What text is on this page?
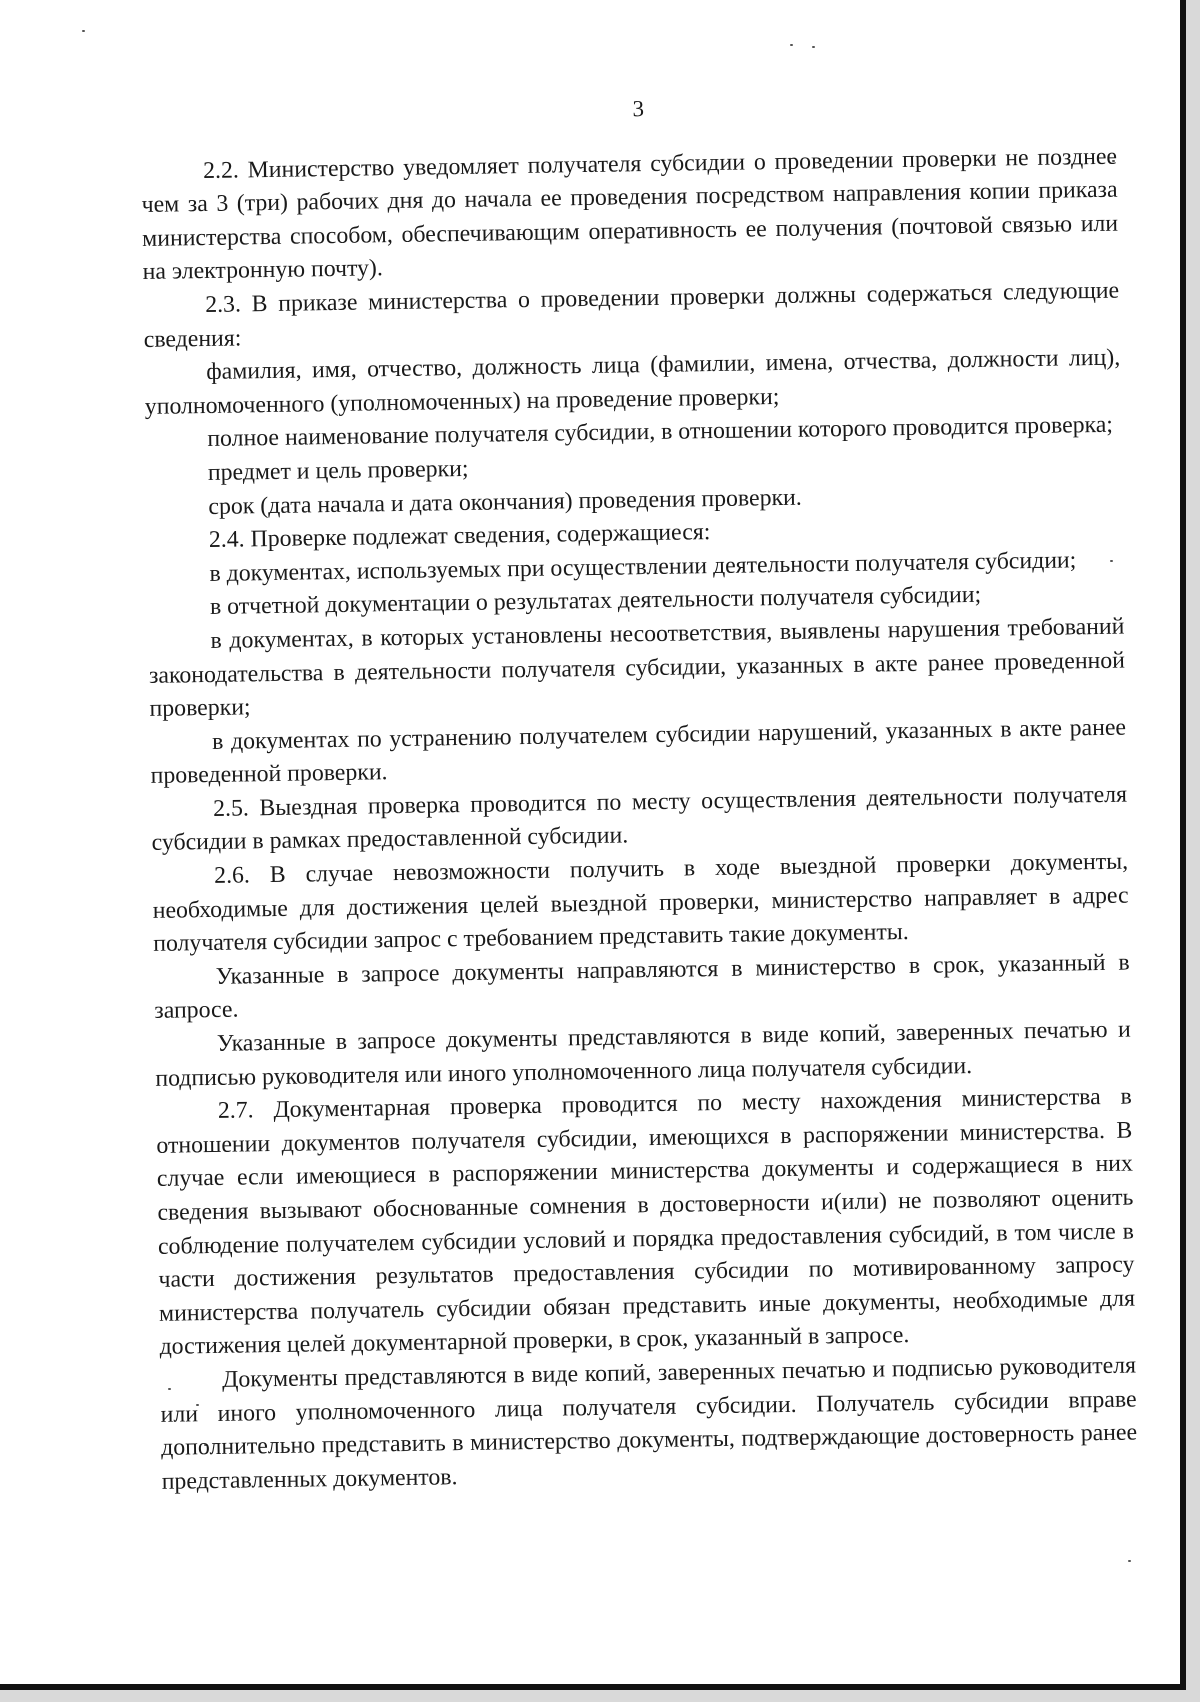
3

2.2. Министерство уведомляет получателя субсидии о проведении проверки не позднее чем за 3 (три) рабочих дня до начала ее проведения посредством направления копии приказа министерства способом, обеспечивающим оперативность ее получения (почтовой связью или на электронную почту).

2.3. В приказе министерства о проведении проверки должны содержаться следующие сведения:

фамилия, имя, отчество, должность лица (фамилии, имена, отчества, должности лиц), уполномоченного (уполномоченных) на проведение проверки;

полное наименование получателя субсидии, в отношении которого проводится проверка;

предмет и цель проверки;

срок (дата начала и дата окончания) проведения проверки.

2.4. Проверке подлежат сведения, содержащиеся:

в документах, используемых при осуществлении деятельности получателя субсидии;

в отчетной документации о результатах деятельности получателя субсидии;

в документах, в которых установлены несоответствия, выявлены нарушения требований законодательства в деятельности получателя субсидии, указанных в акте ранее проведенной проверки;

в документах по устранению получателем субсидии нарушений, указанных в акте ранее проведенной проверки.

2.5. Выездная проверка проводится по месту осуществления деятельности получателя субсидии в рамках предоставленной субсидии.

2.6. В случае невозможности получить в ходе выездной проверки документы, необходимые для достижения целей выездной проверки, министерство направляет в адрес получателя субсидии запрос с требованием представить такие документы.

Указанные в запросе документы направляются в министерство в срок, указанный в запросе.

Указанные в запросе документы представляются в виде копий, заверенных печатью и подписью руководителя или иного уполномоченного лица получателя субсидии.

2.7. Документарная проверка проводится по месту нахождения министерства в отношении документов получателя субсидии, имеющихся в распоряжении министерства. В случае если имеющиеся в распоряжении министерства документы и содержащиеся в них сведения вызывают обоснованные сомнения в достоверности и(или) не позволяют оценить соблюдение получателем субсидии условий и порядка предоставления субсидий, в том числе в части достижения результатов предоставления субсидии по мотивированному запросу министерства получатель субсидии обязан представить иные документы, необходимые для достижения целей документарной проверки, в срок, указанный в запросе.

Документы представляются в виде копий, заверенных печатью и подписью руководителя или иного уполномоченного лица получателя субсидии. Получатель субсидии вправе дополнительно представить в министерство документы, подтверждающие достоверность ранее представленных документов.
